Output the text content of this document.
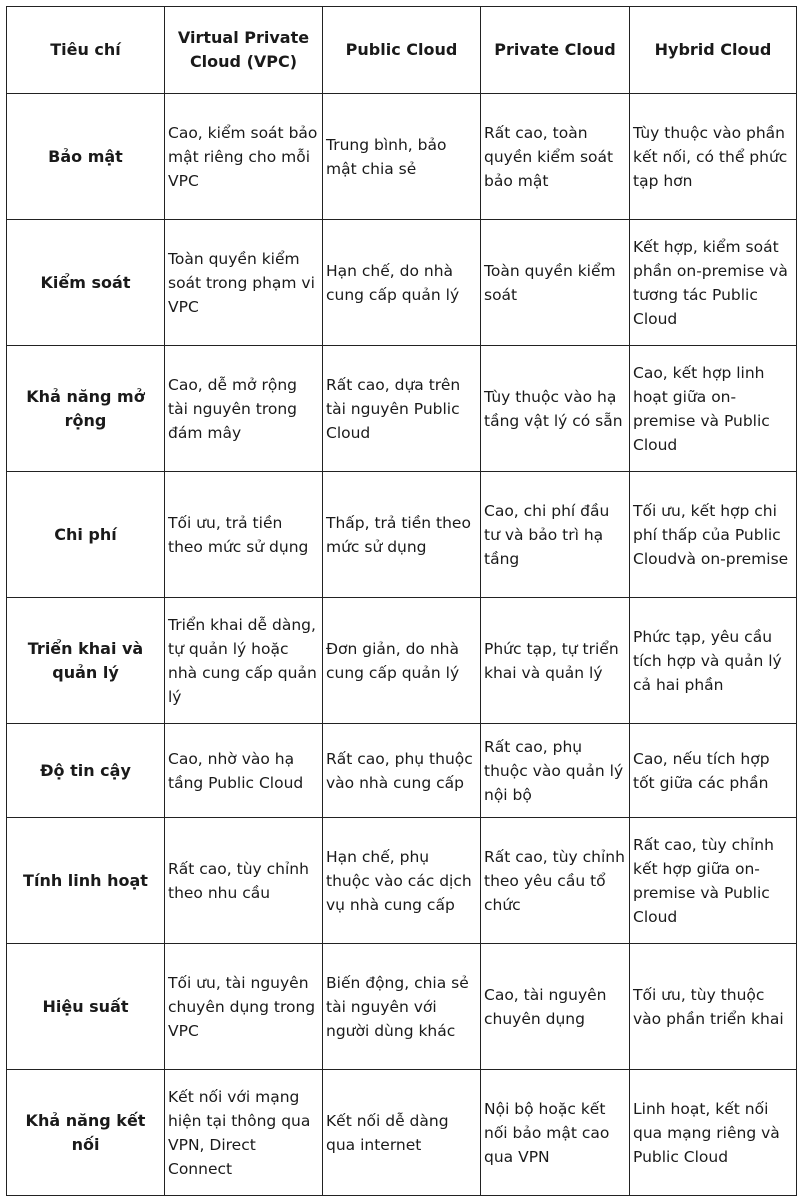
Tiêu chí	Virtual Private Cloud (VPC)	Public Cloud	Private Cloud	Hybrid Cloud
Bảo mật	Cao, kiểm soát bảo mật riêng cho mỗi VPC	Trung bình, bảo mật chia sẻ	Rất cao, toàn quyền kiểm soát bảo mật	Tùy thuộc vào phần kết nối, có thể phức tạp hơn
Kiểm soát	Toàn quyền kiểm soát trong phạm vi VPC	Hạn chế, do nhà cung cấp quản lý	Toàn quyền kiểm soát	Kết hợp, kiểm soát phần on-premise và tương tác Public Cloud
Khả năng mở rộng	Cao, dễ mở rộng tài nguyên trong đám mây	Rất cao, dựa trên tài nguyên Public Cloud	Tùy thuộc vào hạ tầng vật lý có sẵn	Cao, kết hợp linh hoạt giữa on-premise và Public Cloud
Chi phí	Tối ưu, trả tiền theo mức sử dụng	Thấp, trả tiền theo mức sử dụng	Cao, chi phí đầu tư và bảo trì hạ tầng	Tối ưu, kết hợp chi phí thấp của Public Cloudvà on-premise
Triển khai và quản lý	Triển khai dễ dàng, tự quản lý hoặc nhà cung cấp quản lý	Đơn giản, do nhà cung cấp quản lý	Phức tạp, tự triển khai và quản lý	Phức tạp, yêu cầu tích hợp và quản lý cả hai phần
Độ tin cậy	Cao, nhờ vào hạ tầng Public Cloud	Rất cao, phụ thuộc vào nhà cung cấp	Rất cao, phụ thuộc vào quản lý nội bộ	Cao, nếu tích hợp tốt giữa các phần
Tính linh hoạt	Rất cao, tùy chỉnh theo nhu cầu	Hạn chế, phụ thuộc vào các dịch vụ nhà cung cấp	Rất cao, tùy chỉnh theo yêu cầu tổ chức	Rất cao, tùy chỉnh kết hợp giữa on-premise và Public Cloud
Hiệu suất	Tối ưu, tài nguyên chuyên dụng trong VPC	Biến động, chia sẻ tài nguyên với người dùng khác	Cao, tài nguyên chuyên dụng	Tối ưu, tùy thuộc vào phần triển khai
Khả năng kết nối	Kết nối với mạng hiện tại thông qua VPN, Direct Connect	Kết nối dễ dàng qua internet	Nội bộ hoặc kết nối bảo mật cao qua VPN	Linh hoạt, kết nối qua mạng riêng và Public Cloud
